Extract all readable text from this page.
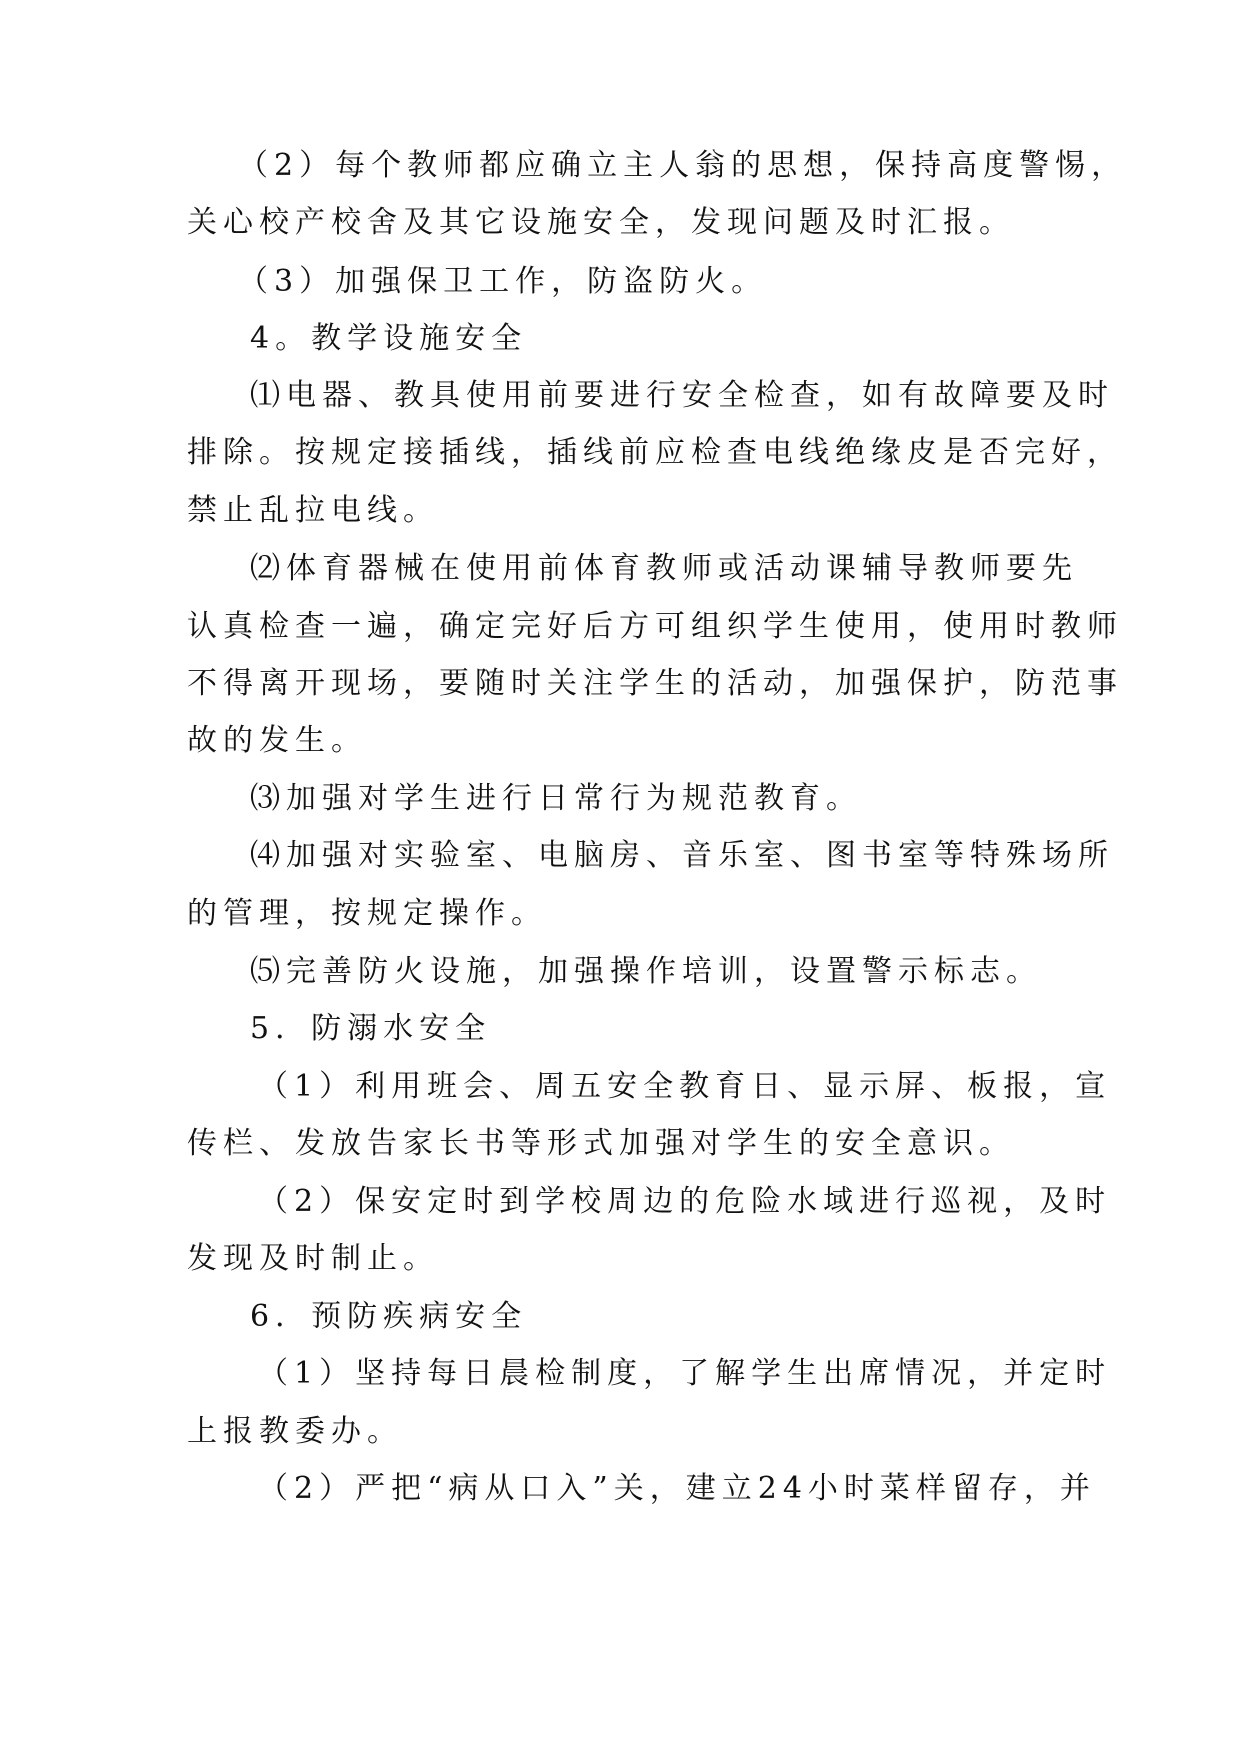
（2）每个教师都应确立主人翁的思想，保持高度警惕，
关心校产校舍及其它设施安全，发现问题及时汇报。
（3）加强保卫工作，防盗防火。
4。教学设施安全
⑴电器、教具使用前要进行安全检查，如有故障要及时
排除。按规定接插线，插线前应检查电线绝缘皮是否完好，
禁止乱拉电线。
⑵体育器械在使用前体育教师或活动课辅导教师要先
认真检查一遍，确定完好后方可组织学生使用，使用时教师
不得离开现场，要随时关注学生的活动，加强保护，防范事
故的发生。
⑶加强对学生进行日常行为规范教育。
⑷加强对实验室、电脑房、音乐室、图书室等特殊场所
的管理，按规定操作。
⑸完善防火设施，加强操作培训，设置警示标志。
5．防溺水安全
（1）利用班会、周五安全教育日、显示屏、板报，宣
传栏、发放告家长书等形式加强对学生的安全意识。
（2）保安定时到学校周边的危险水域进行巡视，及时
发现及时制止。
6．预防疾病安全
（1）坚持每日晨检制度，了解学生出席情况，并定时
上报教委办。
（2）严把“病从口入”关，建立24小时菜样留存，并
